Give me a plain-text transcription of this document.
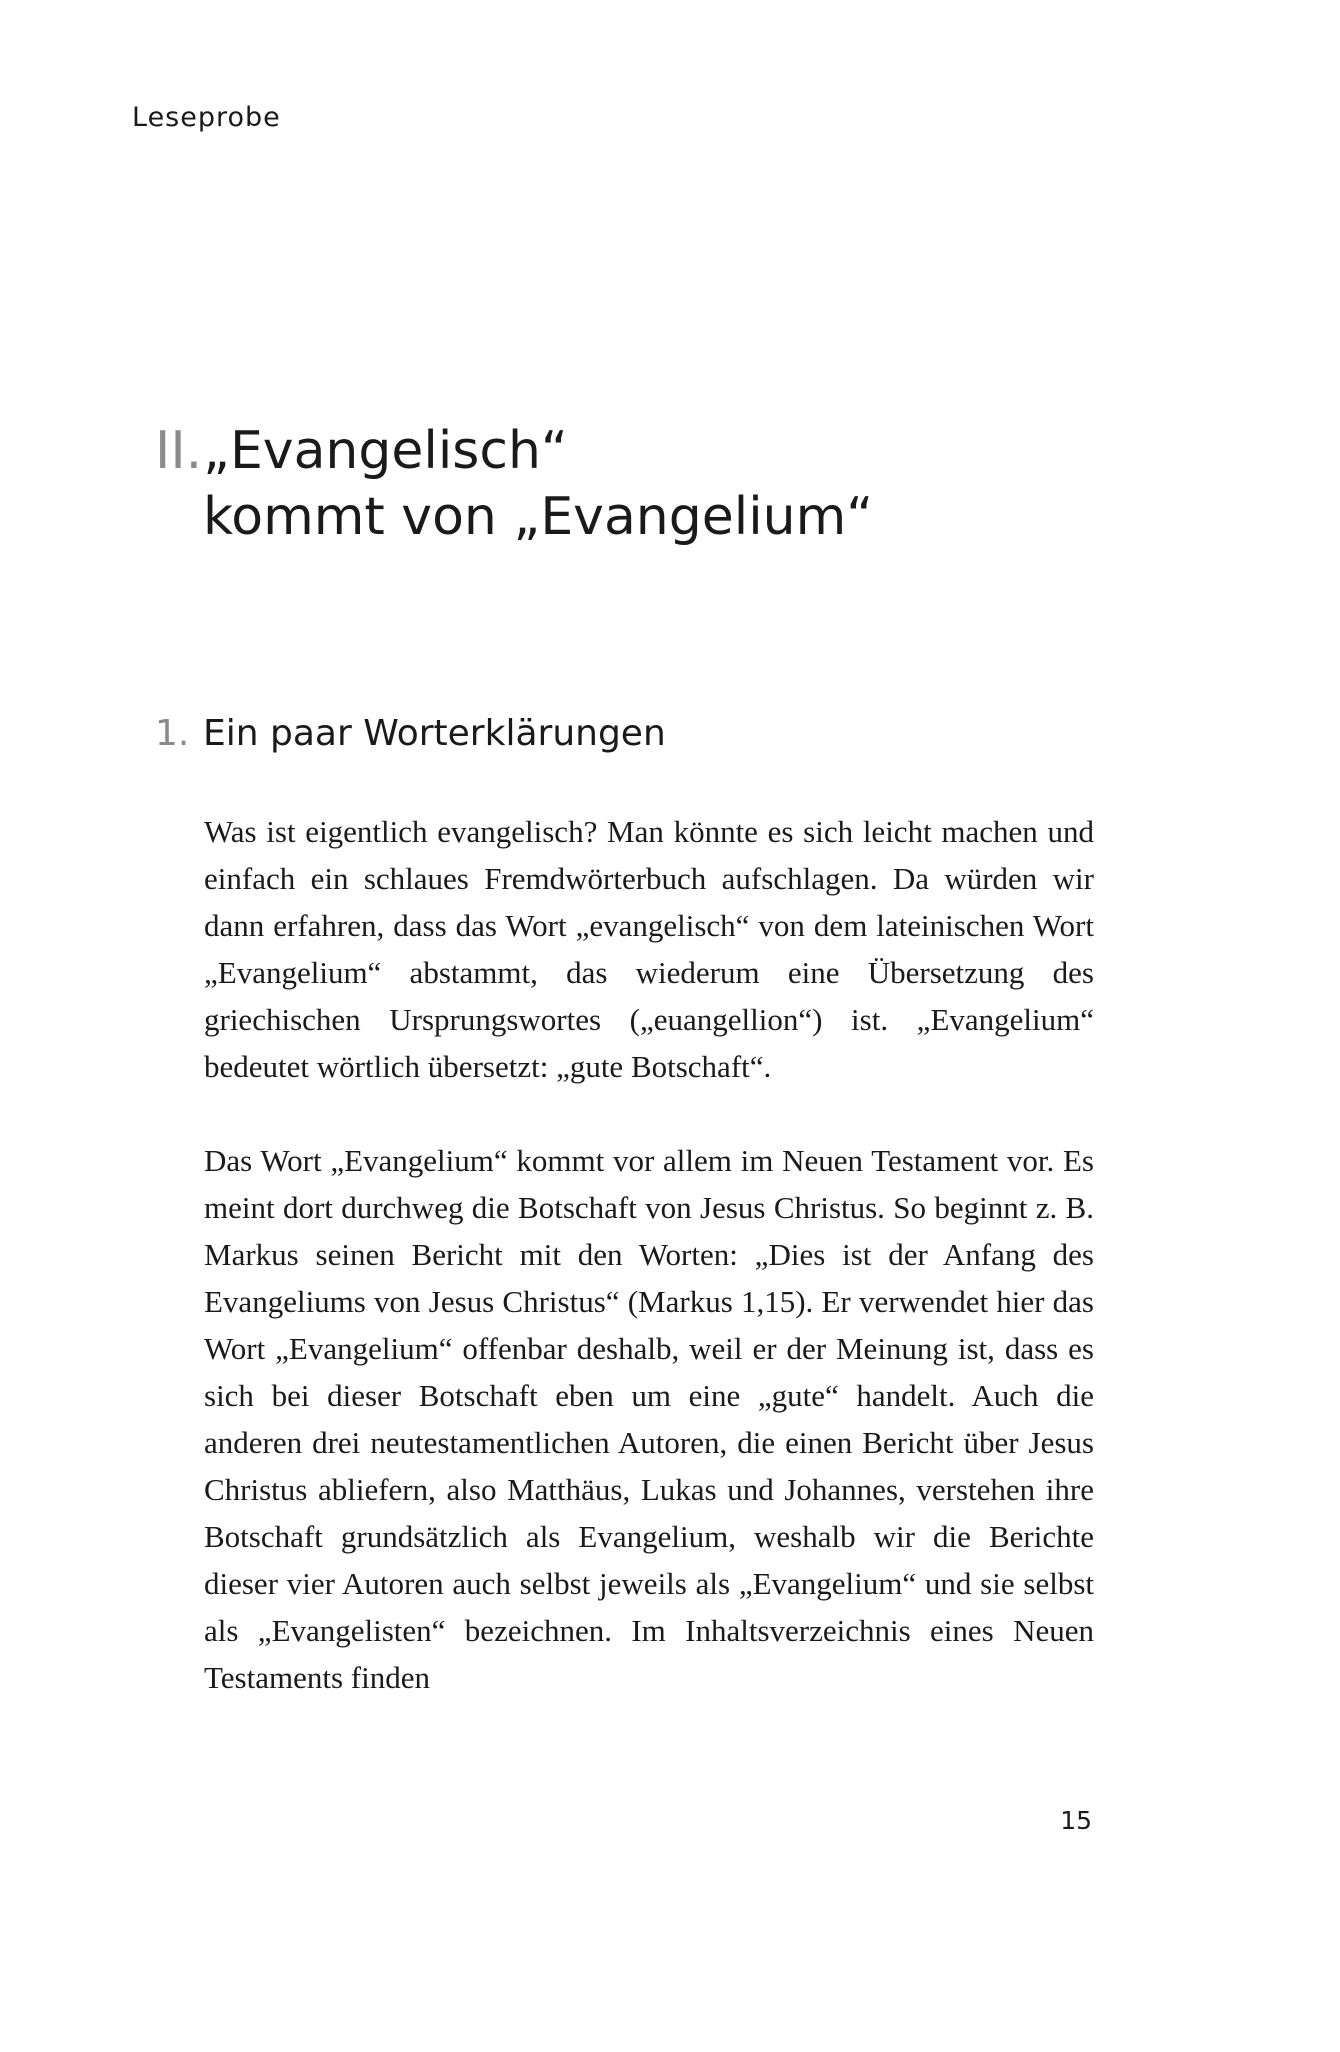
Leseprobe
II. „Evangelisch“
kommt von „Evangelium“
1. Ein paar Worterklärungen

Was ist eigentlich evangelisch? Man könnte es sich leicht machen und einfach ein schlaues Fremdwörterbuch aufschlagen. Da würden wir dann erfahren, dass das Wort „evangelisch“ von dem lateinischen Wort „Evangelium“ abstammt, das wiederum eine Übersetzung des griechischen Ursprungswortes („euangellion“) ist. „Evangelium“ bedeutet wörtlich übersetzt: „gute Botschaft“.

Das Wort „Evangelium“ kommt vor allem im Neuen Testament vor. Es meint dort durchweg die Botschaft von Jesus Christus. So beginnt z. B. Markus seinen Bericht mit den Worten: „Dies ist der Anfang des Evangeliums von Jesus Christus“ (Markus 1,15). Er verwendet hier das Wort „Evangelium“ offenbar deshalb, weil er der Meinung ist, dass es sich bei dieser Botschaft eben um eine „gute“ handelt. Auch die anderen drei neutestamentlichen Autoren, die einen Bericht über Jesus Christus abliefern, also Matthäus, Lukas und Johannes, verstehen ihre Botschaft grundsätzlich als Evangelium, weshalb wir die Berichte dieser vier Autoren auch selbst jeweils als „Evangelium“ und sie selbst als „Evangelisten“ bezeichnen. Im Inhaltsverzeichnis eines Neuen Testaments finden

15
